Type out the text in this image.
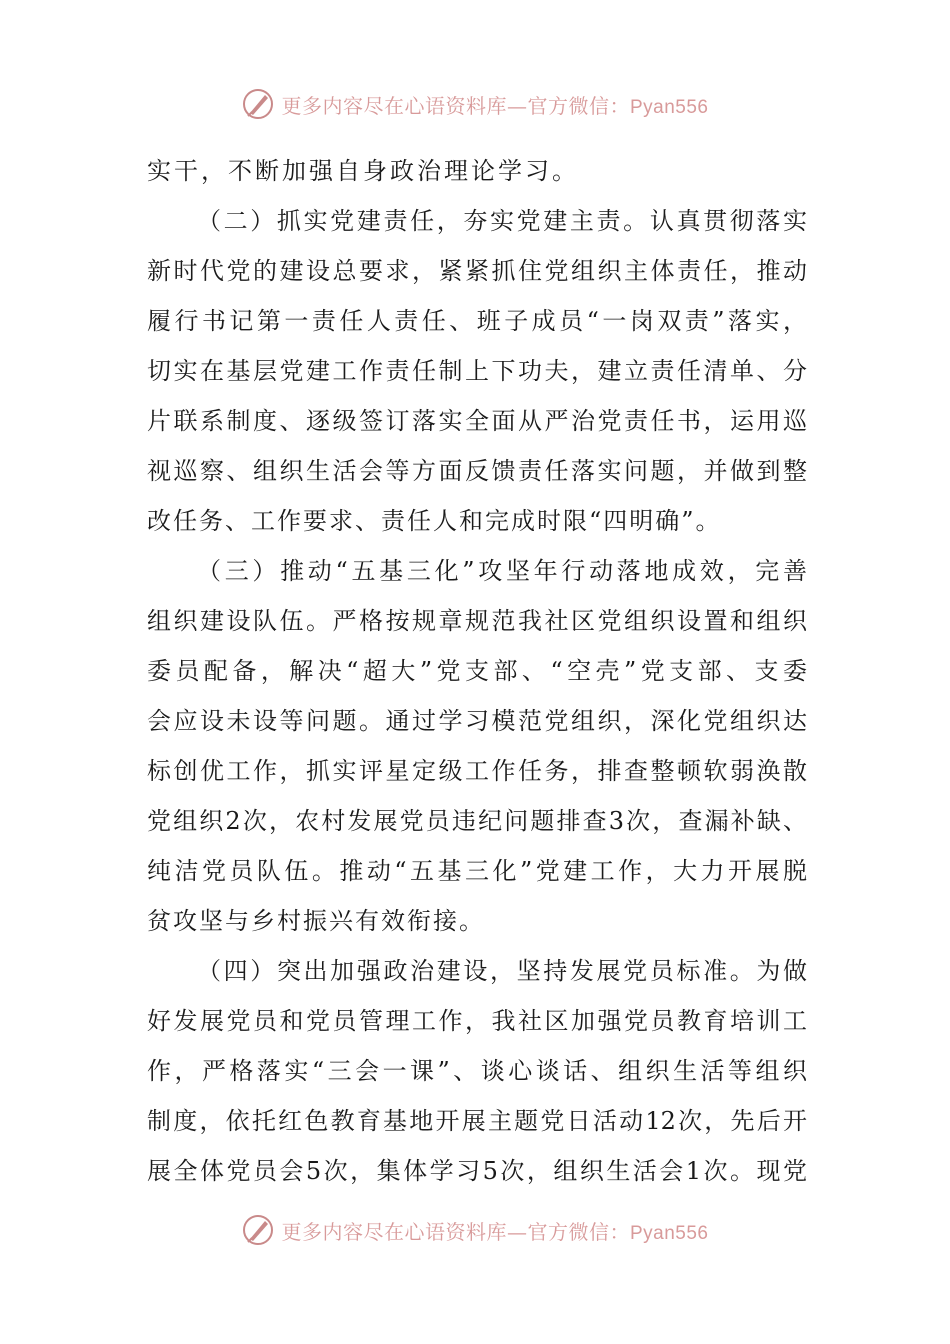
更多内容尽在心语资料库—官方微信：Pyan556
实干，不断加强自身政治理论学习。
（二）抓实党建责任，夯实党建主责。认真贯彻落实
新时代党的建设总要求，紧紧抓住党组织主体责任，推动
履行书记第一责任人责任、班子成员“一岗双责”落实，
切实在基层党建工作责任制上下功夫，建立责任清单、分
片联系制度、逐级签订落实全面从严治党责任书，运用巡
视巡察、组织生活会等方面反馈责任落实问题，并做到整
改任务、工作要求、责任人和完成时限“四明确”。
（三）推动“五基三化”攻坚年行动落地成效，完善
组织建设队伍。严格按规章规范我社区党组织设置和组织
委员配备，解决“超大”党支部、“空壳”党支部、支委
会应设未设等问题。通过学习模范党组织，深化党组织达
标创优工作，抓实评星定级工作任务，排查整顿软弱涣散
党组织2次，农村发展党员违纪问题排查3次，查漏补缺、
纯洁党员队伍。推动“五基三化”党建工作，大力开展脱
贫攻坚与乡村振兴有效衔接。
（四）突出加强政治建设，坚持发展党员标准。为做
好发展党员和党员管理工作，我社区加强党员教育培训工
作，严格落实“三会一课”、谈心谈话、组织生活等组织
制度，依托红色教育基地开展主题党日活动12次，先后开
展全体党员会5次，集体学习5次，组织生活会1次。现党
更多内容尽在心语资料库—官方微信：Pyan556
